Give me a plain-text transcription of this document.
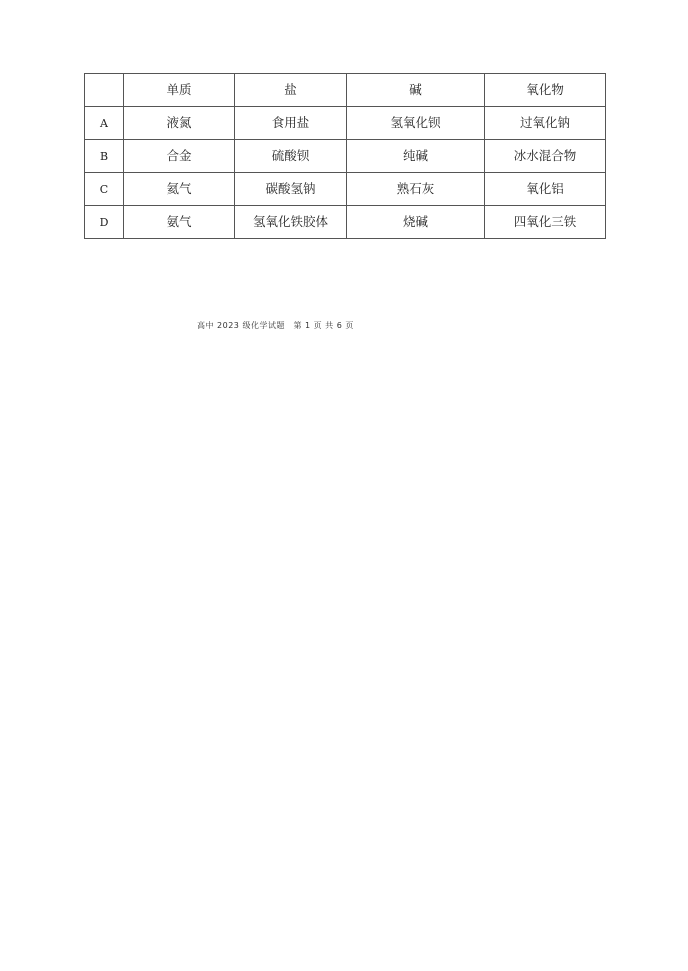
	单质	盐	碱	氧化物
A	液氮	食用盐	氢氧化钡	过氧化钠
B	合金	硫酸钡	纯碱	冰水混合物
C	氦气	碳酸氢钠	熟石灰	氧化铝
D	氨气	氢氧化铁胶体	烧碱	四氧化三铁
高中 2023 级化学试题　第 1 页 共 6 页
